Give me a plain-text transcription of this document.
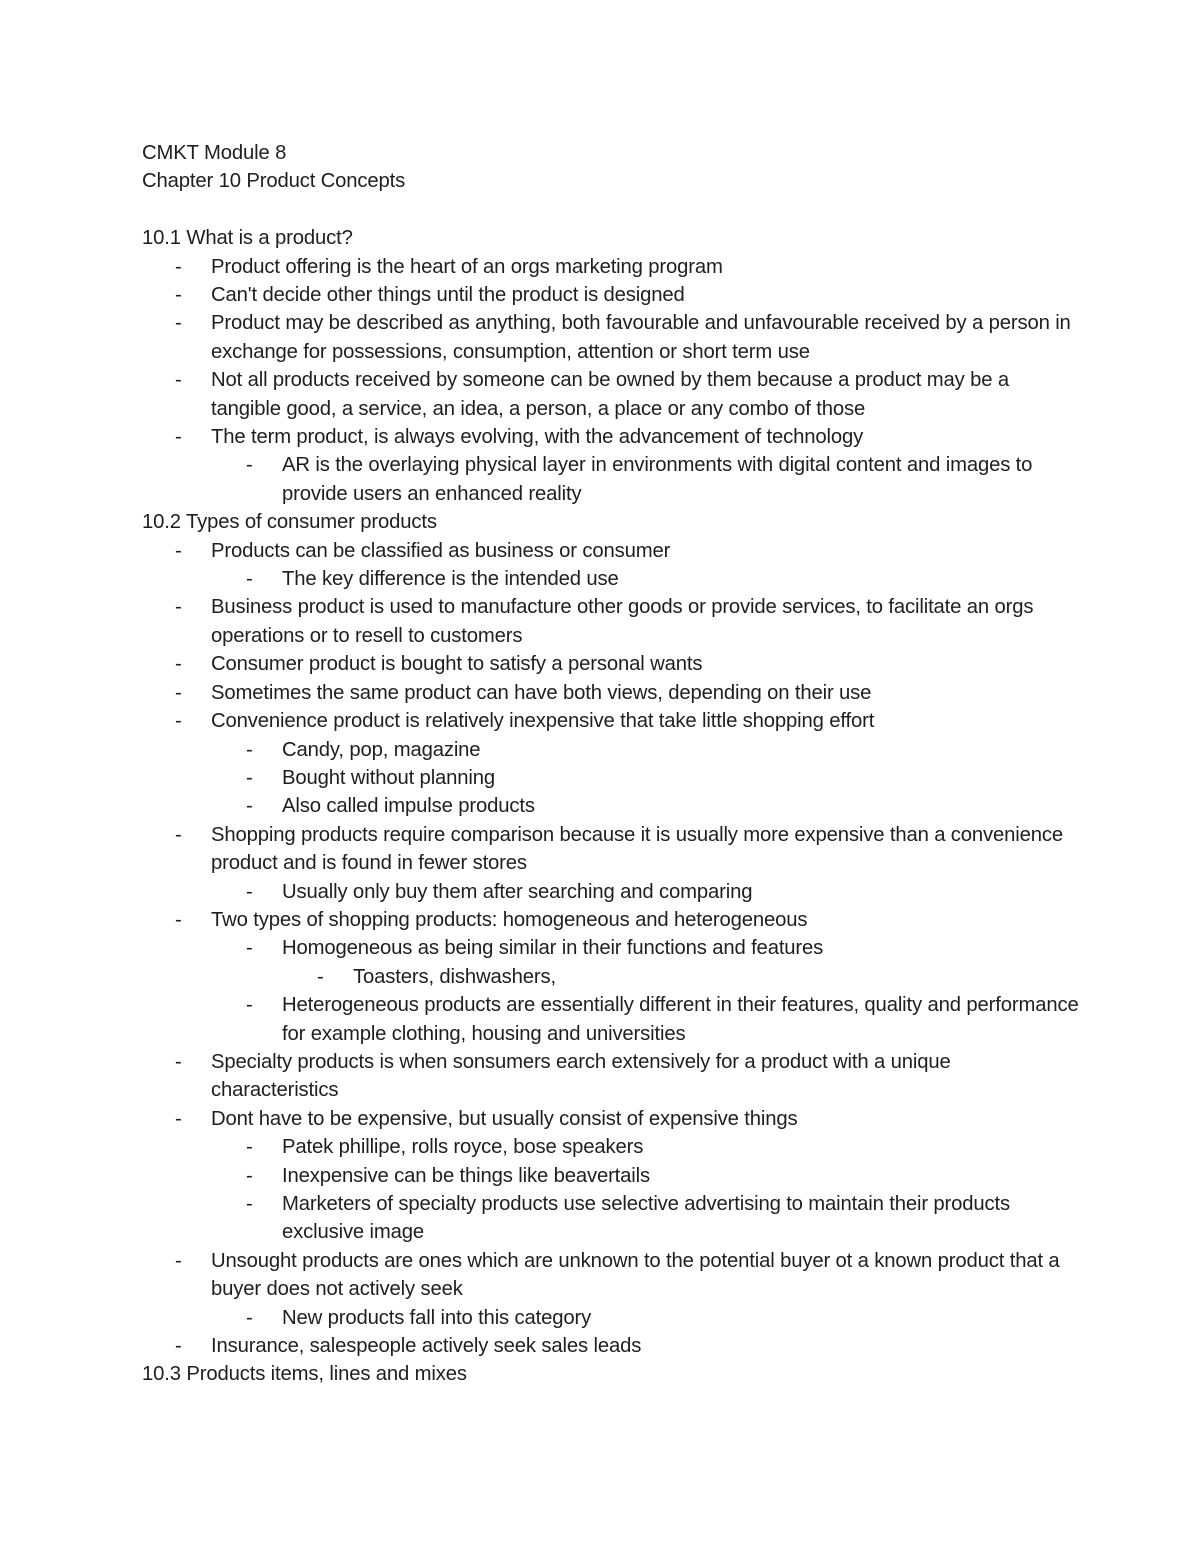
CMKT Module 8
Chapter 10 Product Concepts
10.1 What is a product?
-	Product offering is the heart of an orgs marketing program
-	Can't decide other things until the product is designed
-	Product may be described as anything, both favourable and unfavourable received by a person in exchange for possessions, consumption, attention or short term use
-	Not all products received by someone can be owned by them because a product may be a tangible good, a service, an idea, a person, a place or any combo of those
-	The term product, is always evolving, with the advancement of technology
-	AR is the overlaying physical layer in environments with digital content and images to provide users an enhanced reality
10.2 Types of consumer products
-	Products can be classified as business or consumer
-	The key difference is the intended use
-	Business product is used to manufacture other goods or provide services, to facilitate an orgs operations or to resell to customers
-	Consumer product is bought to satisfy a personal wants
-	Sometimes the same product can have both views, depending on their use
-	Convenience product is relatively inexpensive that take little shopping effort
-	Candy, pop, magazine
-	Bought without planning
-	Also called impulse products
-	Shopping products require comparison because it is usually more expensive than a convenience product and is found in fewer stores
-	Usually only buy them after searching and comparing
-	Two types of shopping products: homogeneous and heterogeneous
-	Homogeneous as being similar in their functions and features
-	Toasters, dishwashers,
-	Heterogeneous products are essentially different in their features, quality and performance for example clothing, housing and universities
-	Specialty products is when sonsumers earch extensively for a product with a unique characteristics
-	Dont have to be expensive, but usually consist of expensive things
-	Patek phillipe, rolls royce, bose speakers
-	Inexpensive can be things like beavertails
-	Marketers of specialty products use selective advertising to maintain their products exclusive image
-	Unsought products are ones which are unknown to the potential buyer ot a known product that a buyer does not actively seek
-	New products fall into this category
-	Insurance, salespeople actively seek sales leads
10.3 Products items, lines and mixes
